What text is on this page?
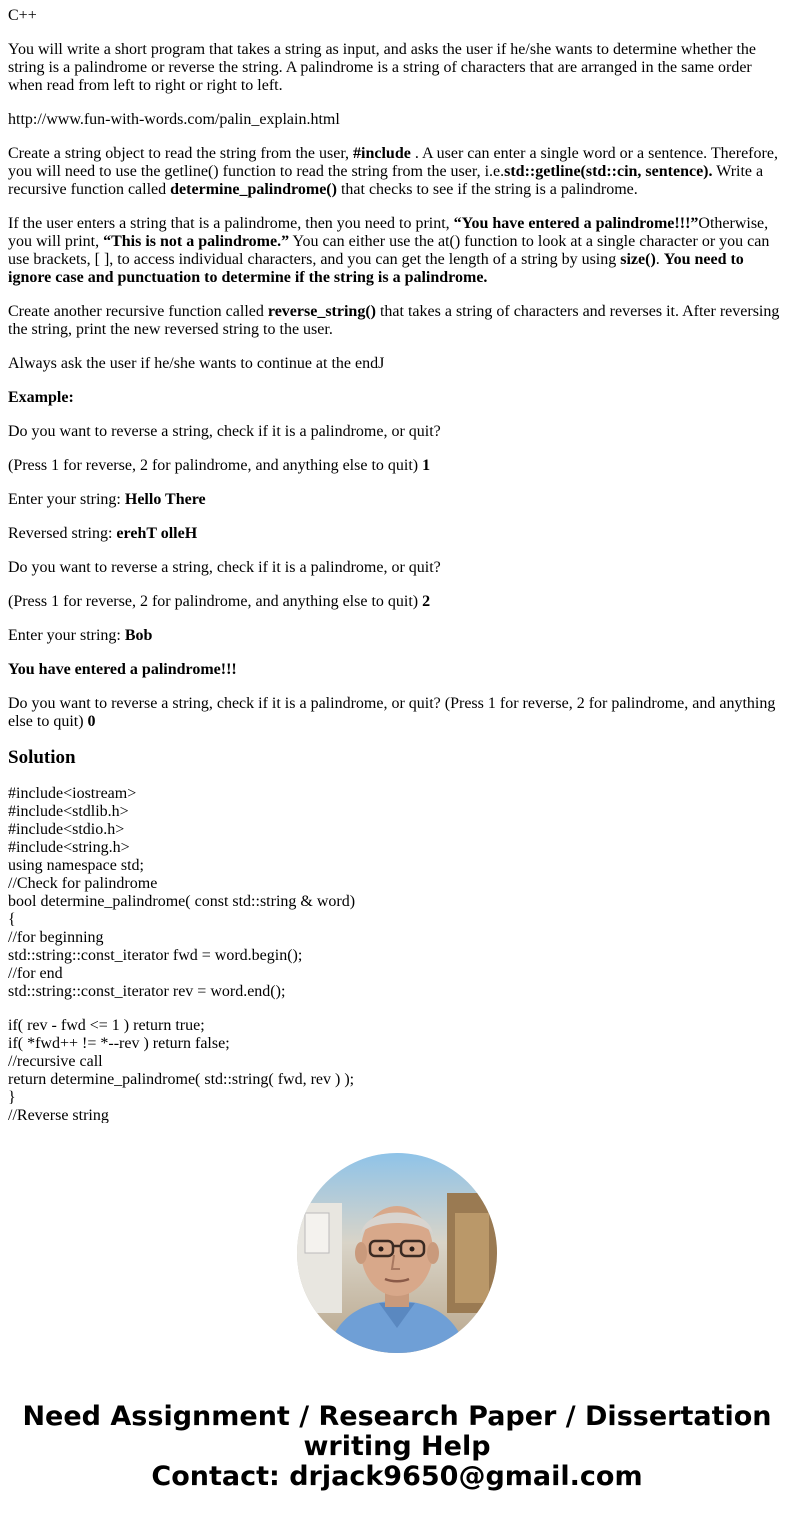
C++

You will write a short program that takes a string as input, and asks the user if he/she wants to determine whether the string is a palindrome or reverse the string. A palindrome is a string of characters that are arranged in the same order when read from left to right or right to left.

http://www.fun-with-words.com/palin_explain.html

Create a string object to read the string from the user, #include . A user can enter a single word or a sentence. Therefore, you will need to use the getline() function to read the string from the user, i.e.std::getline(std::cin, sentence). Write a recursive function called determine_palindrome() that checks to see if the string is a palindrome.

If the user enters a string that is a palindrome, then you need to print, “You have entered a palindrome!!!”Otherwise, you will print, “This is not a palindrome.” You can either use the at() function to look at a single character or you can use brackets, [ ], to access individual characters, and you can get the length of a string by using size(). You need to ignore case and punctuation to determine if the string is a palindrome.

Create another recursive function called reverse_string() that takes a string of characters and reverses it. After reversing the string, print the new reversed string to the user.

Always ask the user if he/she wants to continue at the endJ

Example:

Do you want to reverse a string, check if it is a palindrome, or quit?

(Press 1 for reverse, 2 for palindrome, and anything else to quit) 1

Enter your string: Hello There

Reversed string: erehT olleH

Do you want to reverse a string, check if it is a palindrome, or quit?

(Press 1 for reverse, 2 for palindrome, and anything else to quit) 2

Enter your string: Bob

You have entered a palindrome!!!

Do you want to reverse a string, check if it is a palindrome, or quit? (Press 1 for reverse, 2 for palindrome, and anything else to quit) 0

Solution
#include<iostream>
#include<stdlib.h>
#include<stdio.h>
#include<string.h>
using namespace std;
//Check for palindrome
bool determine_palindrome( const std::string & word)
{
//for beginning
std::string::const_iterator fwd = word.begin();
//for end
std::string::const_iterator rev = word.end();
if( rev - fwd <= 1 ) return true;
if( *fwd++ != *--rev ) return false;
//recursive call
return determine_palindrome( std::string( fwd, rev ) );
}
//Reverse string
Need Assignment / Research Paper / Dissertation
writing Help
Contact: drjack9650@gmail.com
